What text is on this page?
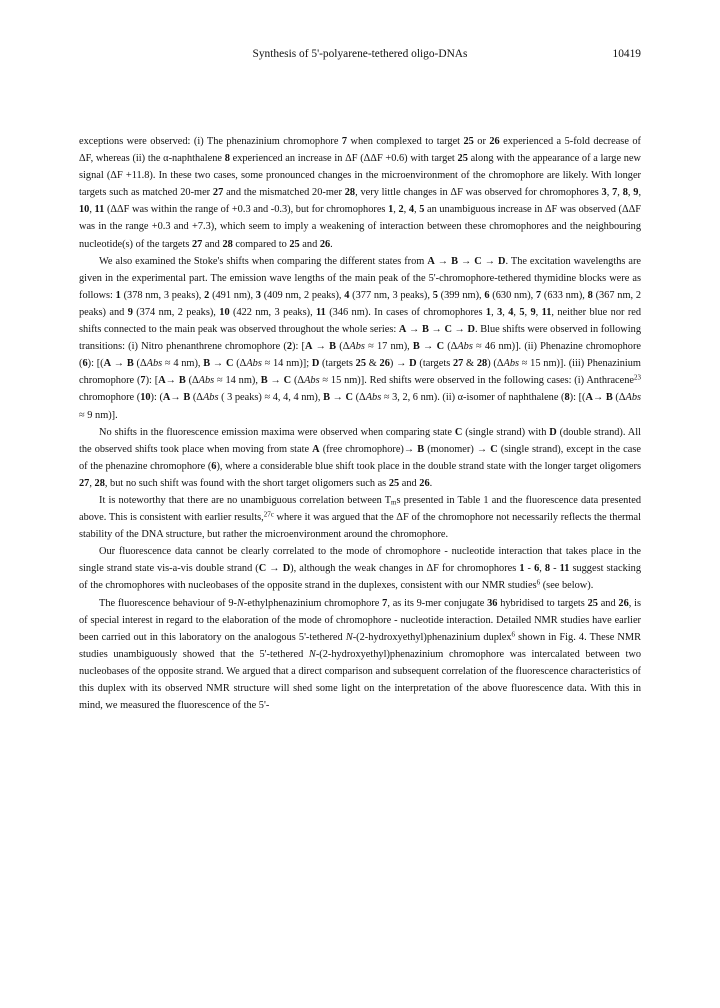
Synthesis of 5'-polyarene-tethered oligo-DNAs	10419

exceptions were observed: (i) The phenazinium chromophore 7 when complexed to target 25 or 26 experienced a 5-fold decrease of ΔF, whereas (ii) the α-naphthalene 8 experienced an increase in ΔF (ΔΔF +0.6) with target 25 along with the appearance of a large new signal (ΔF +11.8). In these two cases, some pronounced changes in the microenvironment of the chromophore are likely. With longer targets such as matched 20-mer 27 and the mismatched 20-mer 28, very little changes in ΔF was observed for chromophores 3, 7, 8, 9, 10, 11 (ΔΔF was within the range of +0.3 and -0.3), but for chromophores 1, 2, 4, 5 an unambiguous increase in ΔF was observed (ΔΔF was in the range +0.3 and +7.3), which seem to imply a weakening of interaction between these chromophores and the neighbouring nucleotide(s) of the targets 27 and 28 compared to 25 and 26.

We also examined the Stoke's shifts when comparing the different states from A → B → C → D. The excitation wavelengths are given in the experimental part. The emission wave lengths of the main peak of the 5'-chromophore-tethered thymidine blocks were as follows: 1 (378 nm, 3 peaks), 2 (491 nm), 3 (409 nm, 2 peaks), 4 (377 nm, 3 peaks), 5 (399 nm), 6 (630 nm), 7 (633 nm), 8 (367 nm, 2 peaks) and 9 (374 nm, 2 peaks), 10 (422 nm, 3 peaks), 11 (346 nm). In cases of chromophores 1, 3, 4, 5, 9, 11, neither blue nor red shifts connected to the main peak was observed throughout the whole series: A → B → C → D. Blue shifts were observed in following transitions: (i) Nitro phenanthrene chromophore (2): [A → B (ΔAbs ≈ 17 nm), B → C (ΔAbs ≈ 46 nm)]. (ii) Phenazine chromophore (6): [(A → B (ΔAbs ≈ 4 nm), B → C (ΔAbs ≈ 14 nm)]; D (targets 25 & 26) → D (targets 27 & 28) (ΔAbs ≈ 15 nm)]. (iii) Phenazinium chromophore (7): [A→ B (ΔAbs ≈ 14 nm), B → C (ΔAbs ≈ 15 nm)]. Red shifts were observed in the following cases: (i) Anthracene$^{23}$ chromophore (10): (A→ B (ΔAbs ( 3 peaks) ≈ 4, 4, 4 nm), B → C (ΔAbs ≈ 3, 2, 6 nm). (ii) α-isomer of naphthalene (8): [(A→ B (ΔAbs ≈ 9 nm)].

No shifts in the fluorescence emission maxima were observed when comparing state C (single strand) with D (double strand). All the observed shifts took place when moving from state A (free chromophore)→ B (monomer) → C (single strand), except in the case of the phenazine chromophore (6), where a considerable blue shift took place in the double strand state with the longer target oligomers 27, 28, but no such shift was found with the short target oligomers such as 25 and 26.

It is noteworthy that there are no unambiguous correlation between $T_ms$ presented in Table 1 and the fluorescence data presented above. This is consistent with earlier results,$^{27c}$ where it was argued that the ΔF of the chromophore not necessarily reflects the thermal stability of the DNA structure, but rather the microenvironment around the chromophore.

Our fluorescence data cannot be clearly correlated to the mode of chromophore - nucleotide interaction that takes place in the single strand state vis-a-vis double strand (C → D), although the weak changes in ΔF for chromophores 1 - 6, 8 - 11 suggest stacking of the chromophores with nucleobases of the opposite strand in the duplexes, consistent with our NMR studies$^6$ (see below).

The fluorescence behaviour of 9-N-ethylphenazinium chromophore 7, as its 9-mer conjugate 36 hybridised to targets 25 and 26, is of special interest in regard to the elaboration of the mode of chromophore - nucleotide interaction. Detailed NMR studies have earlier been carried out in this laboratory on the analogous 5'-tethered N-(2-hydroxyethyl)phenazinium duplex$^6$ shown in Fig. 4. These NMR studies unambiguously showed that the 5'-tethered N-(2-hydroxyethyl)phenazinium chromophore was intercalated between two nucleobases of the opposite strand. We argued that a direct comparison and subsequent correlation of the fluorescence characteristics of this duplex with its observed NMR structure will shed some light on the interpretation of the above fluorescence data. With this in mind, we measured the fluorescence of the 5'-
